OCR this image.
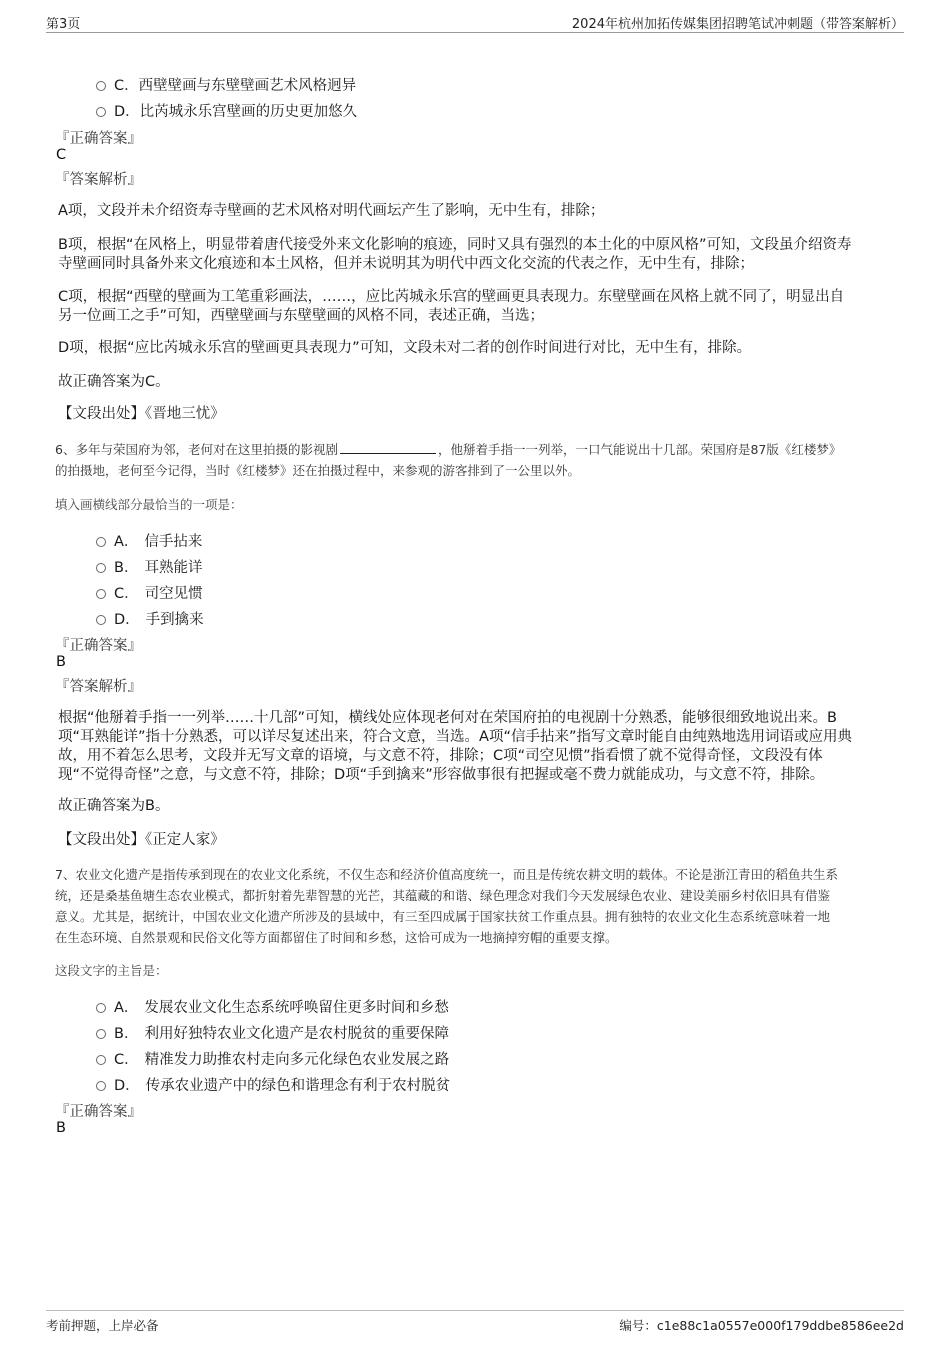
第3页	2024年杭州加拓传媒集团招聘笔试冲刺题（带答案解析）
C．西壁壁画与东壁壁画艺术风格迥异
D．比芮城永乐宫壁画的历史更加悠久
『正确答案』
C
『答案解析』
A项，文段并未介绍资寿寺壁画的艺术风格对明代画坛产生了影响，无中生有，排除；
B项，根据“在风格上，明显带着唐代接受外来文化影响的痕迹，同时又具有强烈的本土化的中原风格”可知，文段虽介绍资寿
寺壁画同时具备外来文化痕迹和本土风格，但并未说明其为明代中西文化交流的代表之作，无中生有，排除；
C项，根据“西壁的壁画为工笔重彩画法，……，应比芮城永乐宫的壁画更具表现力。东壁壁画在风格上就不同了，明显出自
另一位画工之手”可知，西壁壁画与东壁壁画的风格不同，表述正确，当选；
D项，根据“应比芮城永乐宫的壁画更具表现力”可知，文段未对二者的创作时间进行对比，无中生有，排除。
故正确答案为C。
【文段出处】《晋地三忧》
6、多年与荣国府为邻，老何对在这里拍摄的影视剧	，他掰着手指一一列举，一口气能说出十几部。荣国府是87版《红楼梦》
的拍摄地，老何至今记得，当时《红楼梦》还在拍摄过程中，来参观的游客排到了一公里以外。
填入画横线部分最恰当的一项是：
A． 信手拈来
B． 耳熟能详
C． 司空见惯
D． 手到擒来
『正确答案』
B
『答案解析』
根据“他掰着手指一一列举……十几部”可知，横线处应体现老何对在荣国府拍的电视剧十分熟悉，能够很细致地说出来。B
项“耳熟能详”指十分熟悉，可以详尽复述出来，符合文意，当选。A项“信手拈来”指写文章时能自由纯熟地选用词语或应用典
故，用不着怎么思考，文段并无写文章的语境，与文意不符，排除；C项“司空见惯”指看惯了就不觉得奇怪，文段没有体
现“不觉得奇怪”之意，与文意不符，排除；D项“手到擒来”形容做事很有把握或毫不费力就能成功，与文意不符，排除。
故正确答案为B。
【文段出处】《正定人家》
7、农业文化遗产是指传承到现在的农业文化系统，不仅生态和经济价值高度统一，而且是传统农耕文明的载体。不论是浙江青田的稻鱼共生系
统，还是桑基鱼塘生态农业模式，都折射着先辈智慧的光芒，其蕴藏的和谐、绿色理念对我们今天发展绿色农业、建设美丽乡村依旧具有借鉴
意义。尤其是，据统计，中国农业文化遗产所涉及的县域中，有三至四成属于国家扶贫工作重点县。拥有独特的农业文化生态系统意味着一地
在生态环境、自然景观和民俗文化等方面都留住了时间和乡愁，这恰可成为一地摘掉穷帽的重要支撑。
这段文字的主旨是：
A． 发展农业文化生态系统呼唤留住更多时间和乡愁
B． 利用好独特农业文化遗产是农村脱贫的重要保障
C． 精准发力助推农村走向多元化绿色农业发展之路
D． 传承农业遗产中的绿色和谐理念有利于农村脱贫
『正确答案』
B
考前押题，上岸必备	编号：c1e88c1a0557e000f179ddbe8586ee2d
